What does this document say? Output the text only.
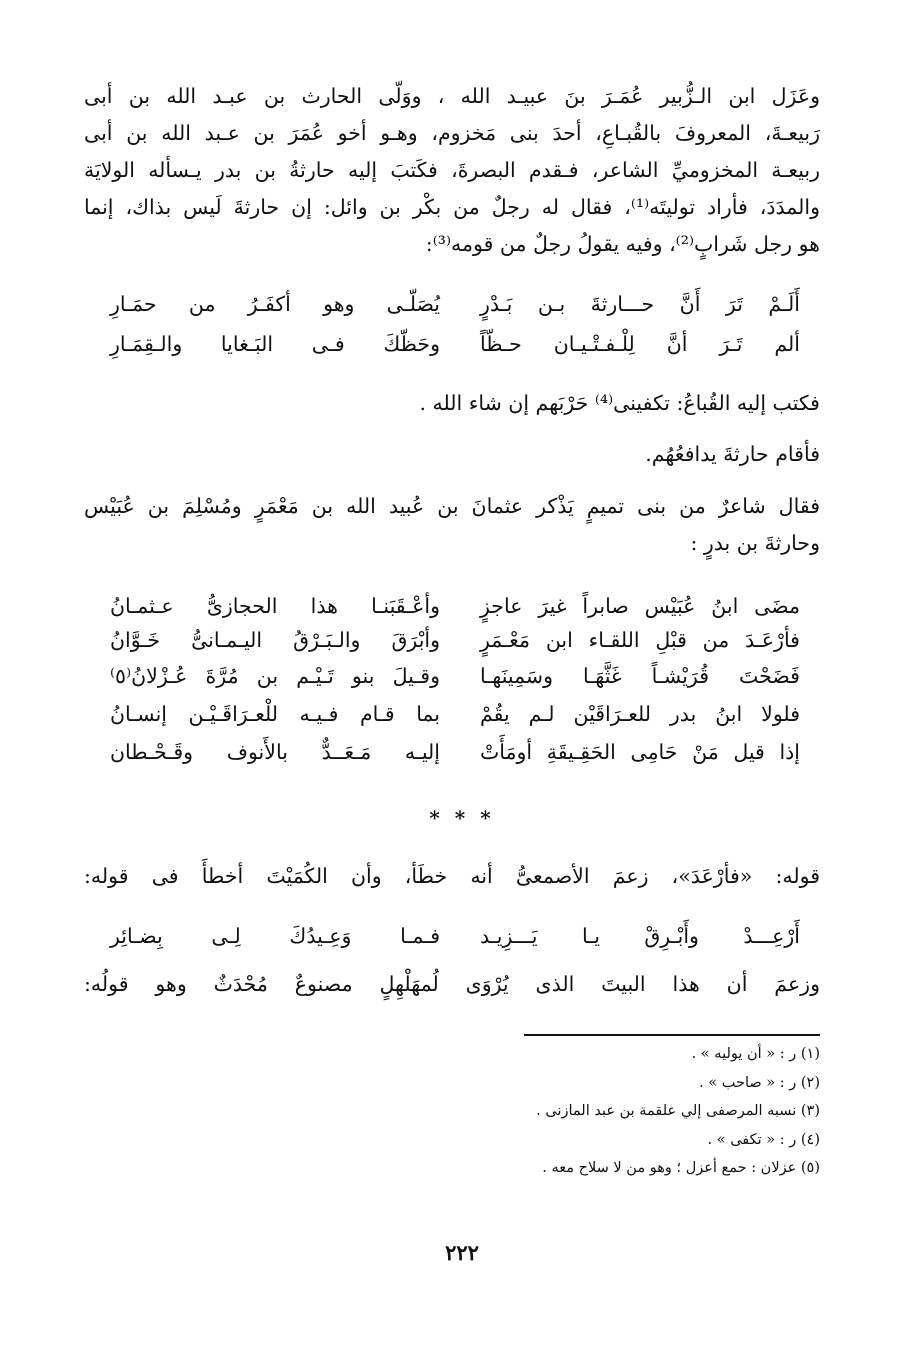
وعَزَل ابن الـزُّبير عُمَـرَ بنَ عبيـد الله ، ووَلّى الحارث بن عبـد الله بن أبى
رَبيعـةَ، المعروفَ بالقُبـاعِ، أحدَ بنى مَخزوم، وهـو أخو عُمَرَ بن عـبد الله بن أبى
ربيعـة المخزوميِّ الشاعر، فـقدم البصرةَ، فكَتبَ إليه حارثةُ بن بدر يـسأله الولايَة
والمدَدَ، فأراد توليتَه⁽¹⁾، فقال له رجلٌ من بكْر بن وائل: إن حارثةَ لَيس بذاك، إنما
هو رجل شَرابٍ⁽²⁾، وفيه يقولُ رجلٌ من قومه⁽³⁾:
أَلَـمْ تَرَ أَنَّ حـــارثةَ بـن بَـدْرٍ
يُصَلّـى وهو أكفَـرُ من حمَـارِ
ألم تَـرَ أنَّ لِلْـفـتْـيـان حـظّاً
وحَظّكَ فـى البَـغايا والـقِمَـارِ
فكتب إليه القُباعُ: تكفينى⁽⁴⁾ حَرْبَهم إن شاء الله .
فأقام حارثةَ يدافعُهُم.
فقال شاعرٌ من بنى تميمٍ يَذْكر عثمانَ بن عُبيد الله بن مَعْمَرٍ ومُسْلِمَ بن عُبَيْس
وحارثةَ بن بدرٍ :
مضَى ابنُ عُبَيْس صابراً غيرَ عاجزٍ
وأعْـقَبَنـا هذا الحجازىُّ عـثمـانُ
فأرْعَـدَ من قبْلِ اللقـاء ابن مَعْـمَرٍ
وأبْرَقَ والـبَـرْقُ اليـمـانىُّ خَـوَّانُ
فَضَحْتَ قُرَيْشـاً غَثَّهَـا وسَمِينَهـا
وقـيلَ بنو تَـيْـم بن مُرَّةَ عُـزْلانُ⁽٥⁾
فلولا ابنُ بدر للعـرَاقَيْن لـم يقُمْ
بما قـام فـيـه للْعـرَاقَـيْـن إنسـانُ
إذا قيل مَنْ حَامِى الحَقِـيقَةِ أومَأَتْ
إليـه مَـعَــدٌّ بالأَنوف وقَـحْـطان
* * *
قوله: «فأرْعَدَ»، زعمَ الأصمعىُّ أنه خطَأ، وأن الكُمَيْتَ أخطأَ فى قوله:
أَرْعِـــدْ وأَبْـرِقْ يـا يَـــزِيـد
فـمـا وَعِـيدُكَ لِـى بِضـائِر
وزعمَ أن هذا البيتَ الذى يُرْوَى لُمهَلْهِلٍ مصنوعٌ مُحْدَثٌ وهو قولُه:
(١) ر : « أن يوليه » .
(٢) ر : « صاحب » .
(٣) نسبه المرصفى إلي علقمة بن عبد المازنى .
(٤) ر : « تكفى » .
(٥) عزلان : حمع أعزل ؛ وهو من لا سلاح معه .
٢٢٢
